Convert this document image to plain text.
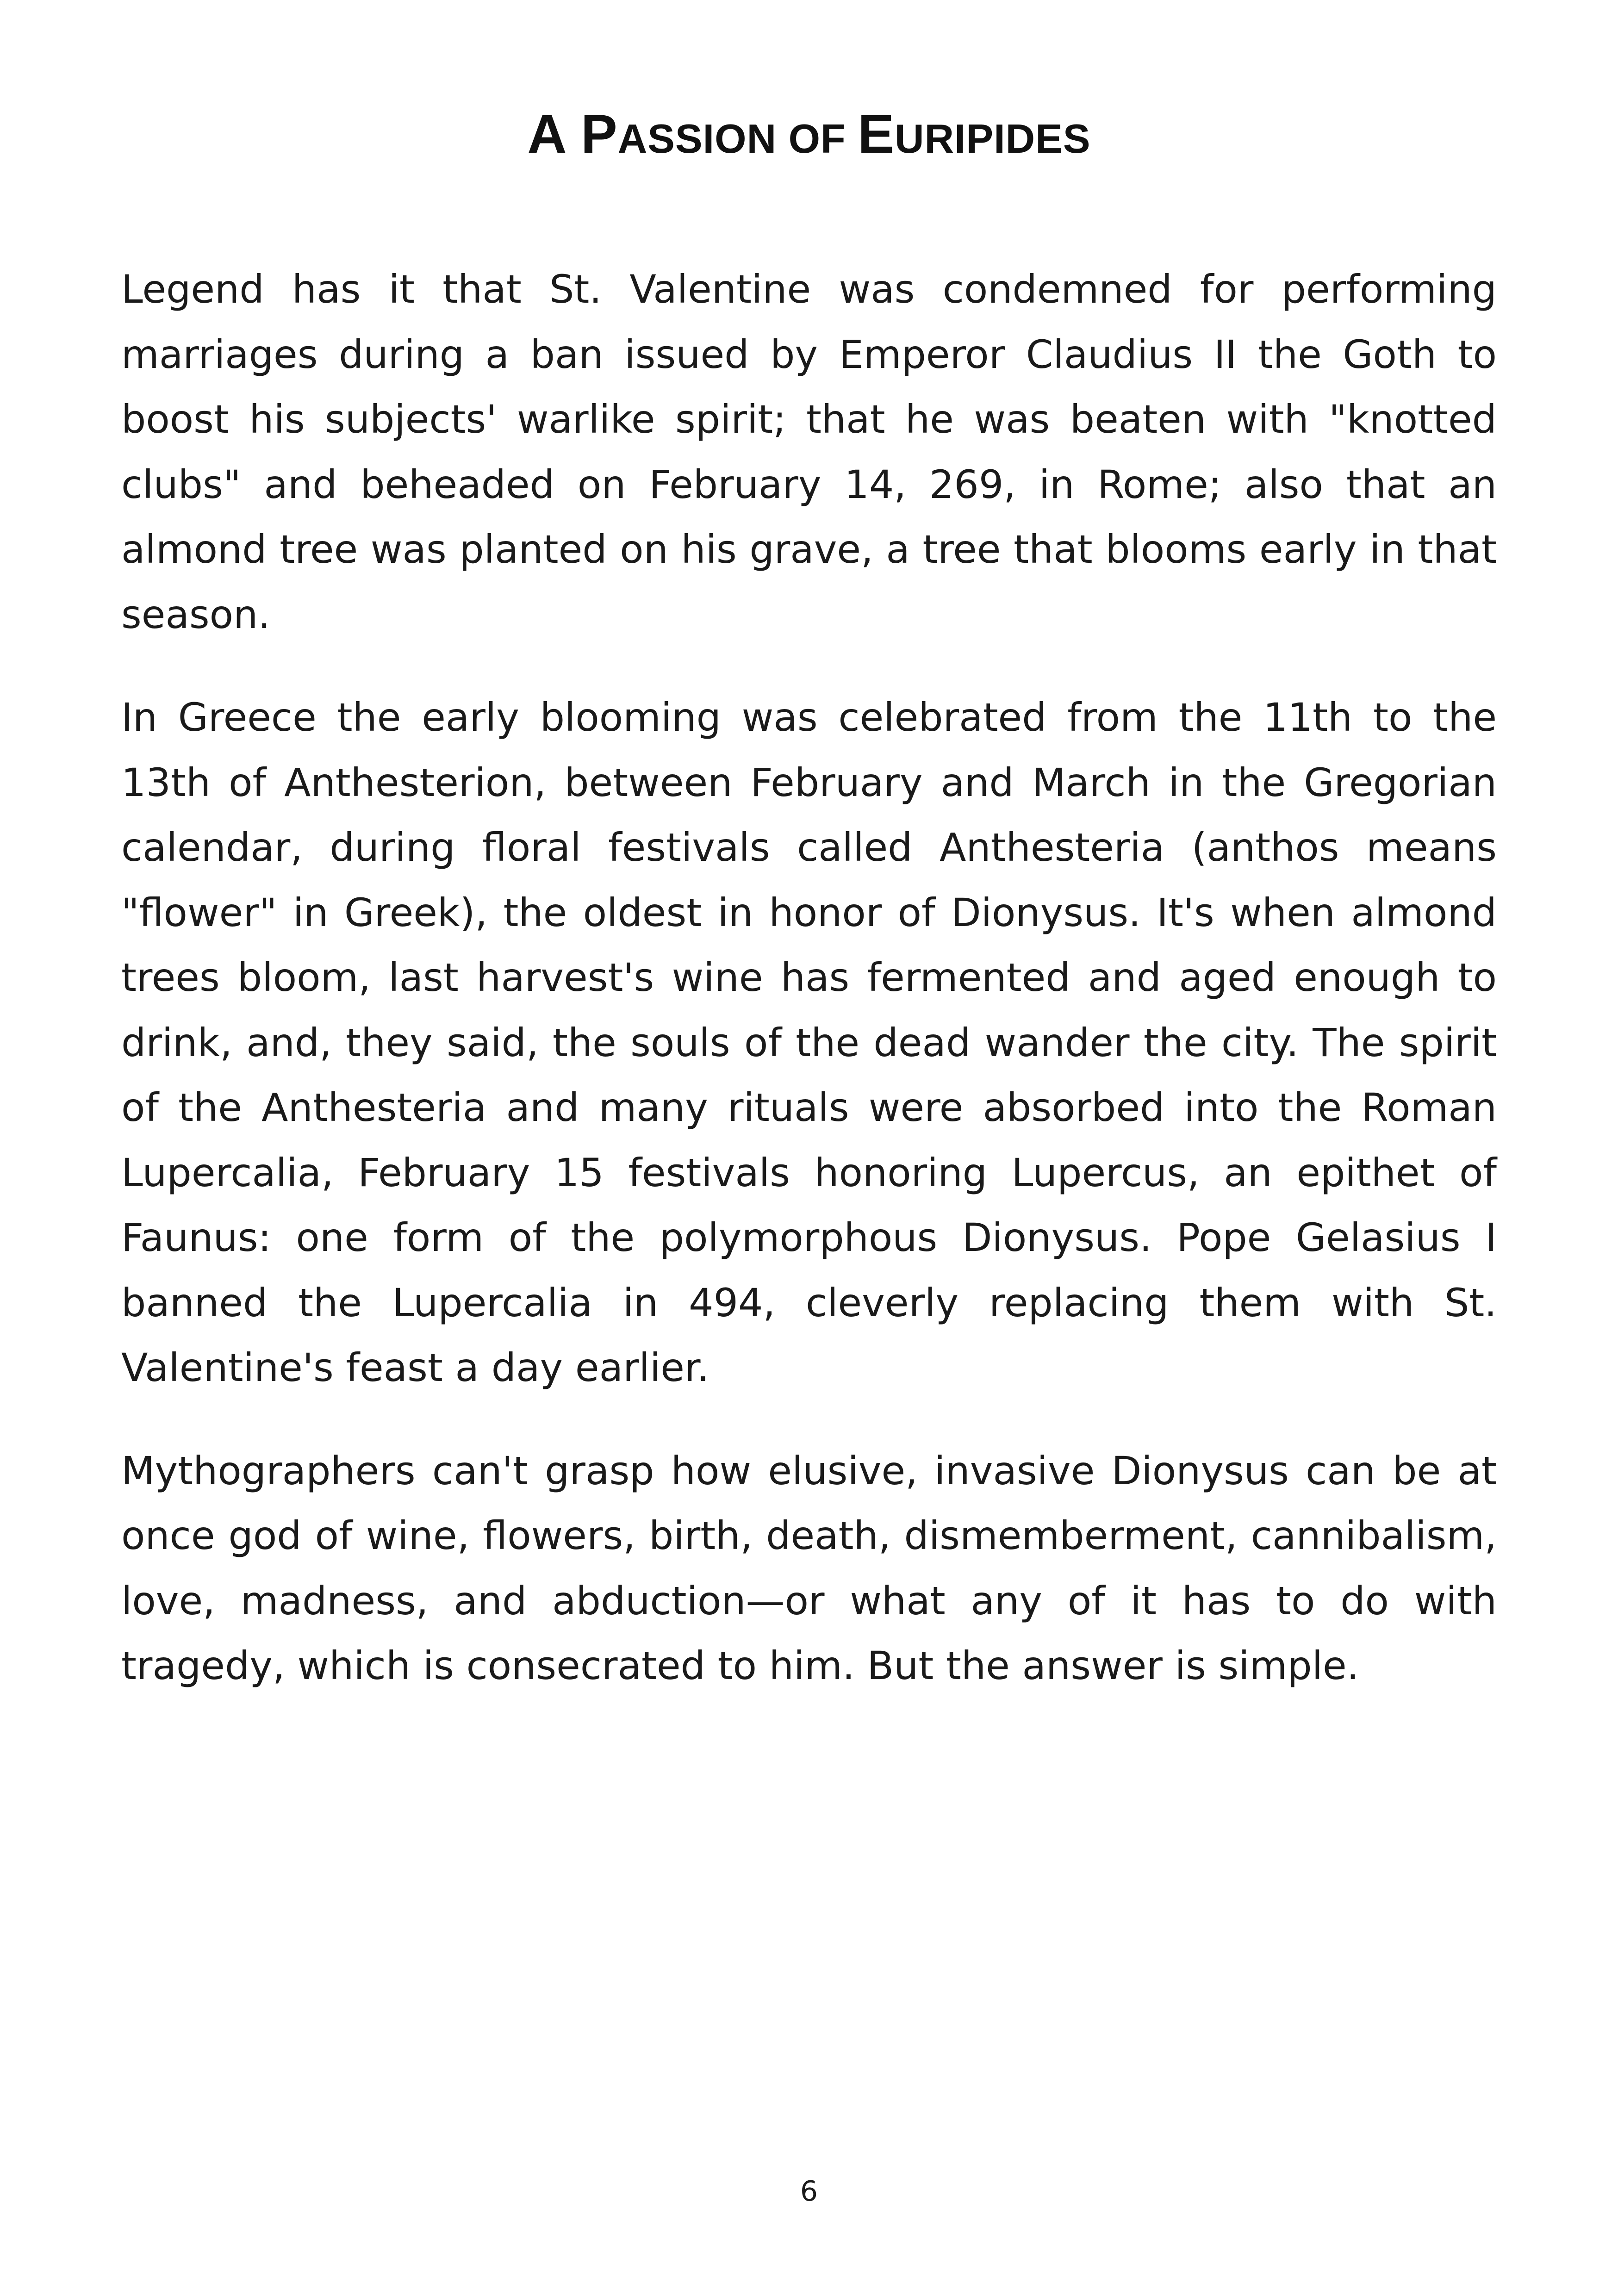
A PASSION OF EURIPIDES

Legend has it that St. Valentine was condemned for performing marriages during a ban issued by Emperor Claudius II the Goth to boost his subjects' warlike spirit; that he was beaten with "knotted clubs" and beheaded on February 14, 269, in Rome; also that an almond tree was planted on his grave, a tree that blooms early in that season.

In Greece the early blooming was celebrated from the 11th to the 13th of Anthesterion, between February and March in the Gregorian calendar, during floral festivals called Anthesteria (anthos means "flower" in Greek), the oldest in honor of Dionysus. It's when almond trees bloom, last harvest's wine has fermented and aged enough to drink, and, they said, the souls of the dead wander the city. The spirit of the Anthesteria and many rituals were absorbed into the Roman Lupercalia, February 15 festivals honoring Lupercus, an epithet of Faunus: one form of the polymorphous Dionysus. Pope Gelasius I banned the Lupercalia in 494, cleverly replacing them with St. Valentine's feast a day earlier.

Mythographers can't grasp how elusive, invasive Dionysus can be at once god of wine, flowers, birth, death, dismemberment, cannibalism, love, madness, and abduction—or what any of it has to do with tragedy, which is consecrated to him. But the answer is simple.

6
